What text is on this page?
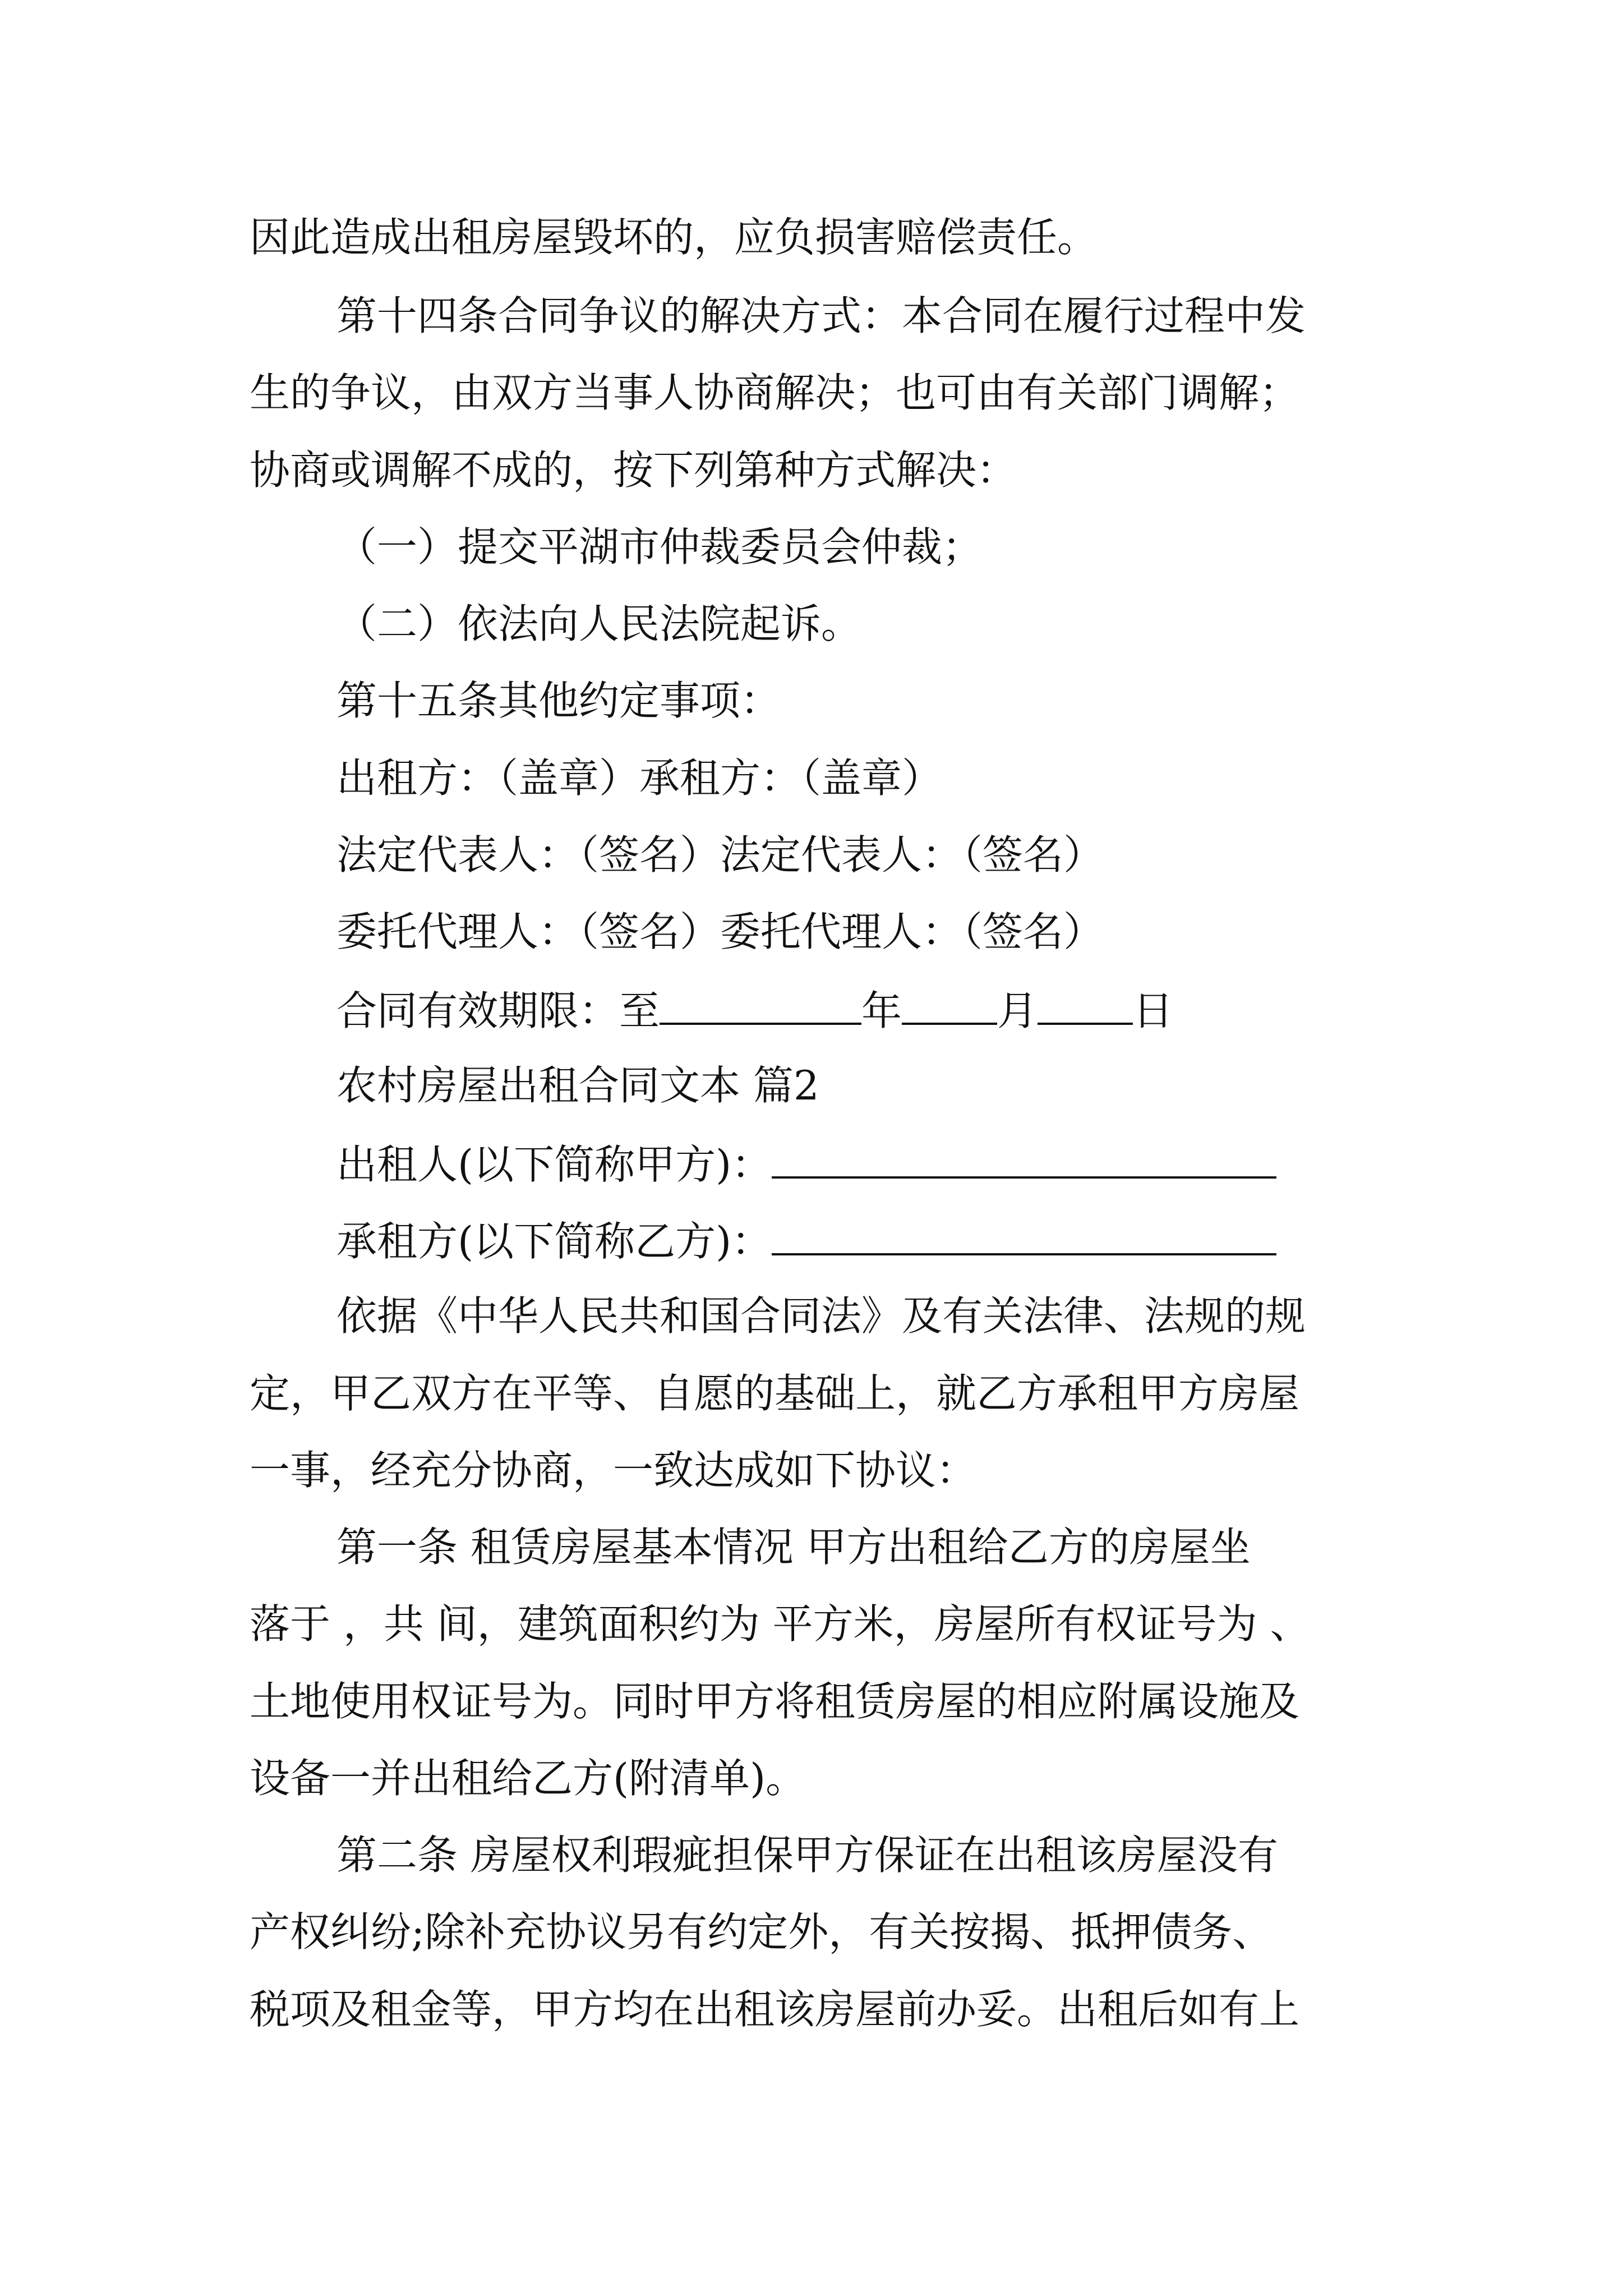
因此造成出租房屋毁坏的，应负损害赔偿责任。
第十四条合同争议的解决方式：本合同在履行过程中发
生的争议，由双方当事人协商解决；也可由有关部门调解；
协商或调解不成的，按下列第种方式解决：
（一）提交平湖市仲裁委员会仲裁；
（二）依法向人民法院起诉。
第十五条其他约定事项：
出租方：（盖章）承租方：（盖章）
法定代表人：（签名）法定代表人：（签名）
委托代理人：（签名）委托代理人：（签名）
合同有效期限：至	年 月 日
农村房屋出租合同文本 篇2
出租人(以下简称甲方)：
承租方(以下简称乙方)：
依据《中华人民共和国合同法》及有关法律、法规的规
定，甲乙双方在平等、自愿的基础上，就乙方承租甲方房屋
一事，经充分协商，一致达成如下协议：
第一条 租赁房屋基本情况 甲方出租给乙方的房屋坐
落于 ，共 间，建筑面积约为 平方米，房屋所有权证号为 、
土地使用权证号为。同时甲方将租赁房屋的相应附属设施及
设备一并出租给乙方(附清单)。
第二条 房屋权利瑕疵担保甲方保证在出租该房屋没有
产权纠纷;除补充协议另有约定外，有关按揭、抵押债务、
税项及租金等，甲方均在出租该房屋前办妥。出租后如有上
